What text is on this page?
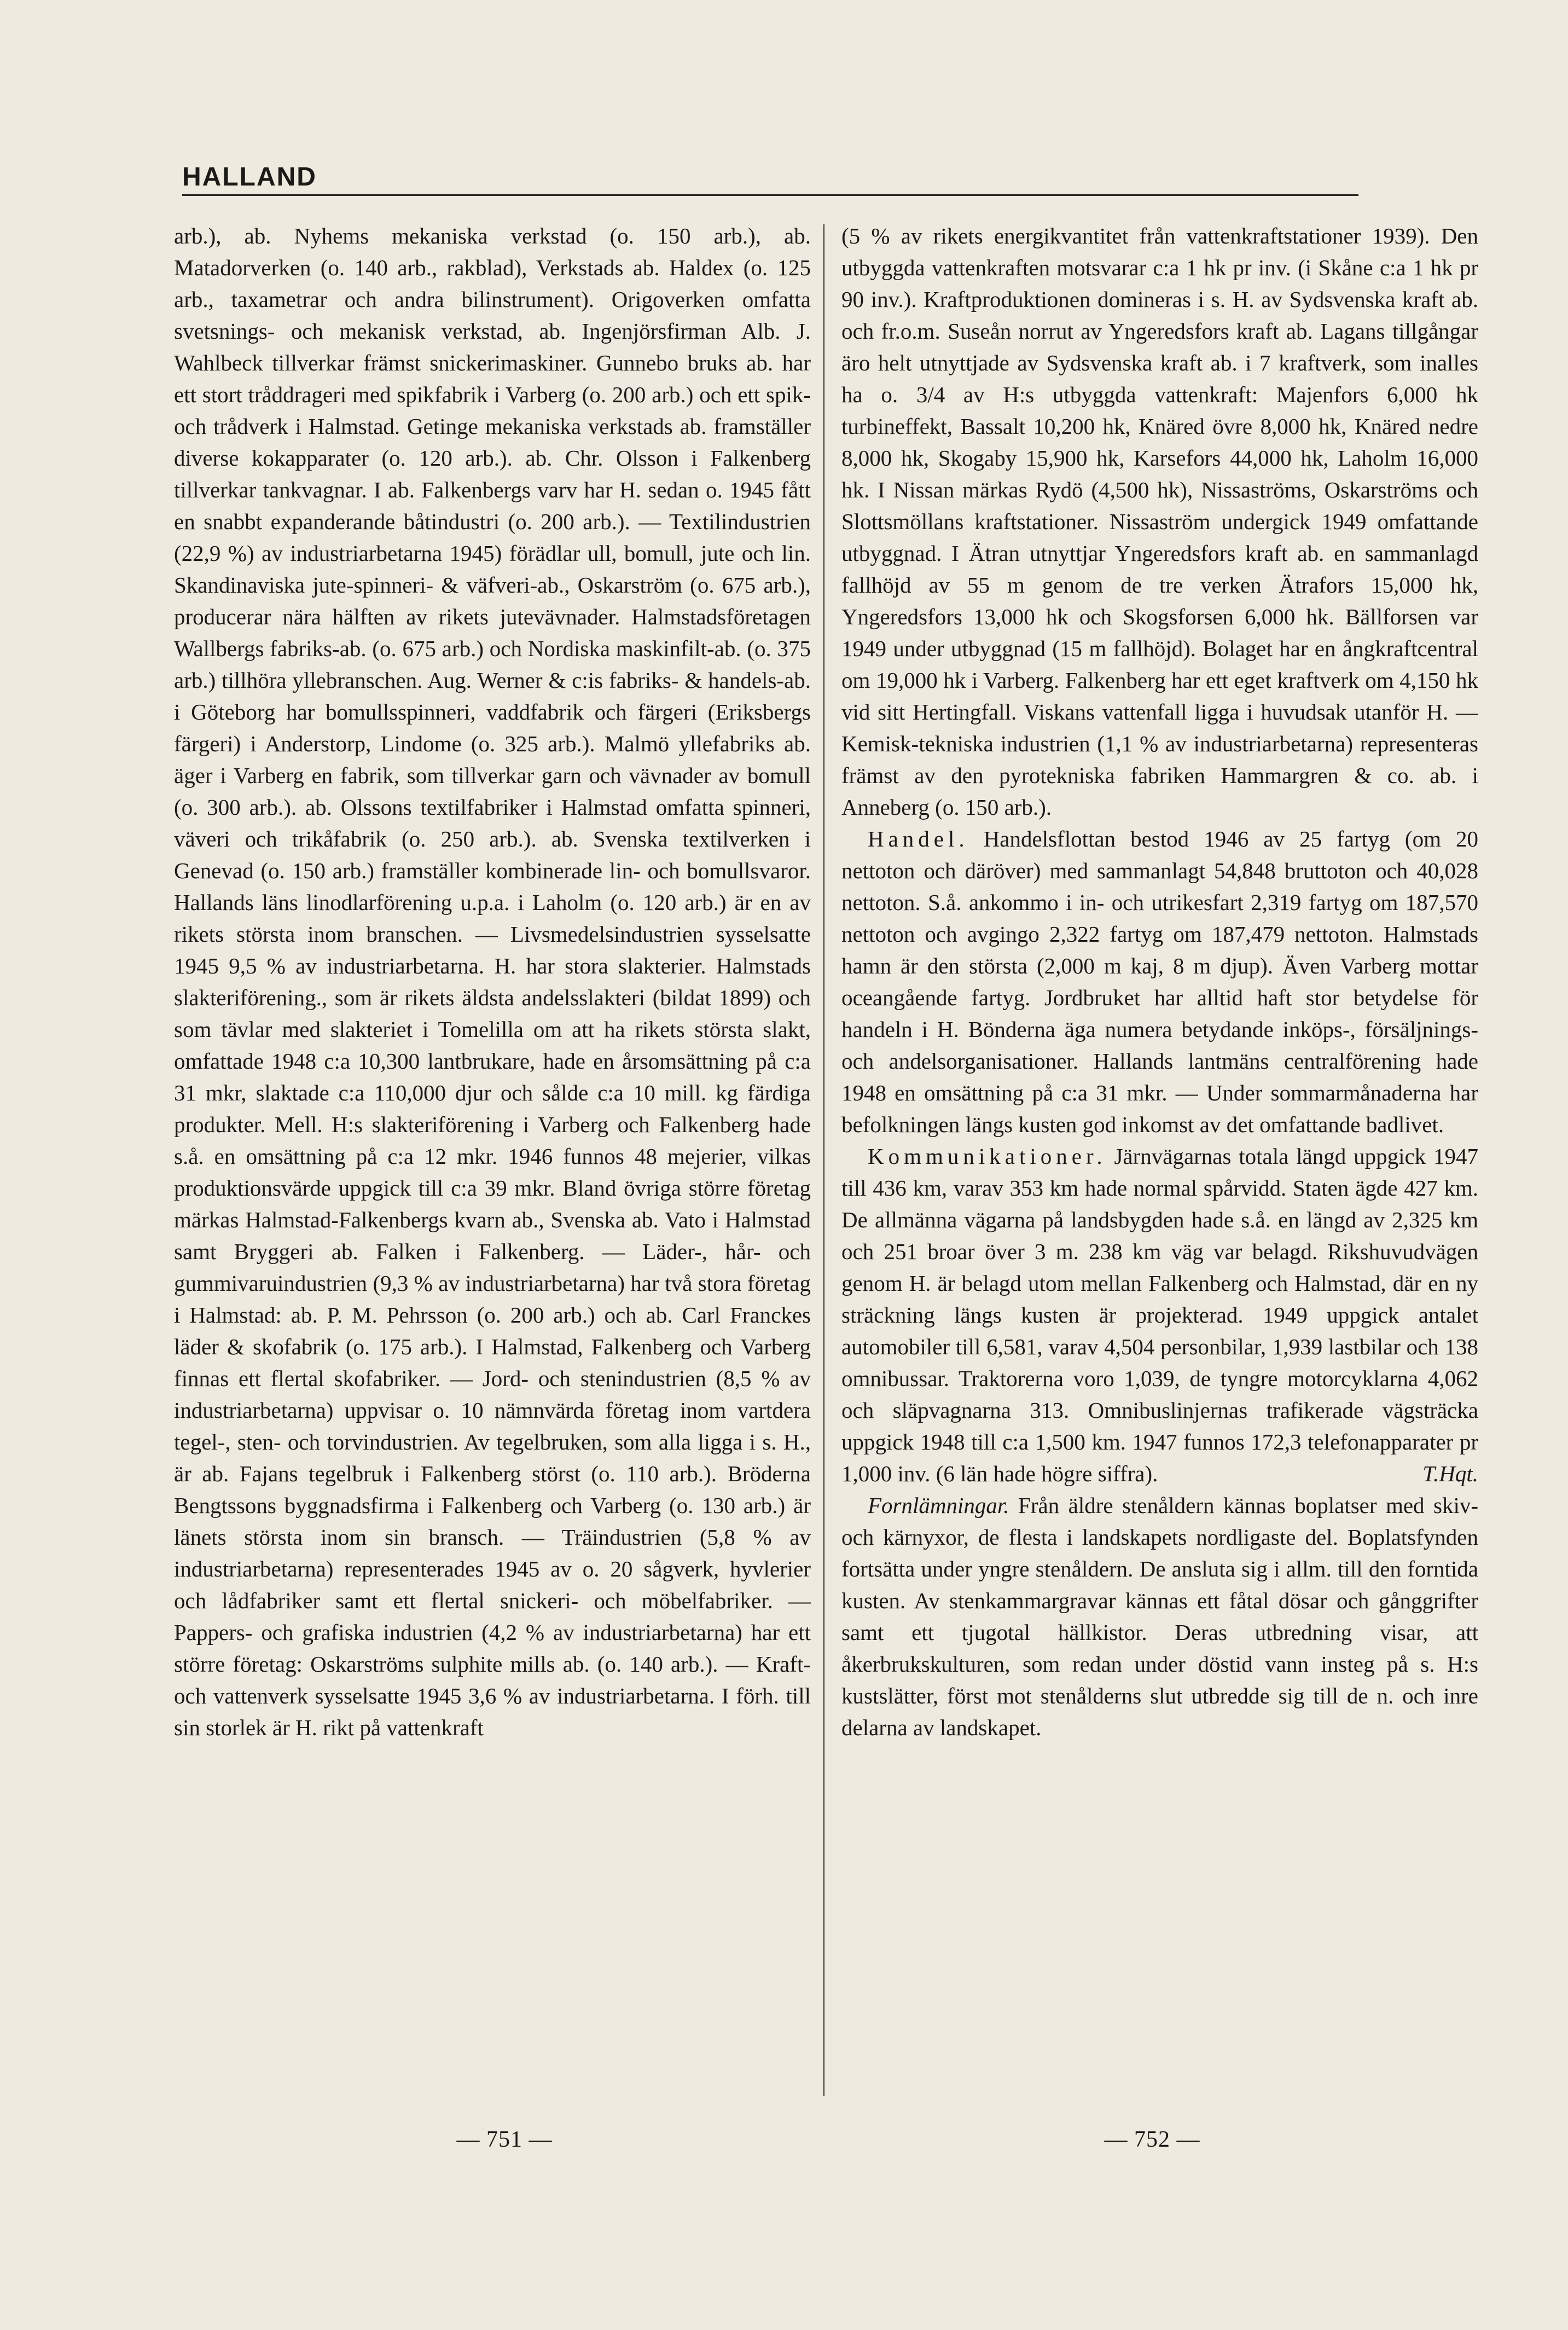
HALLAND

arb.), ab. Nyhems mekaniska verkstad (o. 150 arb.), ab. Matadorverken (o. 140 arb., rakblad), Verkstads ab. Haldex (o. 125 arb., taxametrar och andra bilinstrument). Origoverken omfatta svetsnings- och mekanisk verkstad, ab. Ingenjörsfirman Alb. J. Wahlbeck tillverkar främst snickerimaskiner. Gunnebo bruks ab. har ett stort tråddrageri med spikfabrik i Varberg (o. 200 arb.) och ett spik- och trådverk i Halmstad. Getinge mekaniska verkstads ab. framställer diverse kokapparater (o. 120 arb.). ab. Chr. Olsson i Falkenberg tillverkar tankvagnar. I ab. Falkenbergs varv har H. sedan o. 1945 fått en snabbt expanderande båtindustri (o. 200 arb.). — Textilindustrien (22,9 %) av industriarbetarna 1945) förädlar ull, bomull, jute och lin. Skandinaviska jute-spinneri- & väfveri-ab., Oskarström (o. 675 arb.), producerar nära hälften av rikets jutevävnader. Halmstadsföretagen Wallbergs fabriks-ab. (o. 675 arb.) och Nordiska maskinfilt-ab. (o. 375 arb.) tillhöra yllebranschen. Aug. Werner & c:is fabriks- & handels-ab. i Göteborg har bomullsspinneri, vaddfabrik och färgeri (Eriksbergs färgeri) i Anderstorp, Lindome (o. 325 arb.). Malmö yllefabriks ab. äger i Varberg en fabrik, som tillverkar garn och vävnader av bomull (o. 300 arb.). ab. Olssons textilfabriker i Halmstad omfatta spinneri, väveri och trikåfabrik (o. 250 arb.). ab. Svenska textilverken i Genevad (o. 150 arb.) framställer kombinerade lin- och bomullsvaror. Hallands läns linodlarförening u.p.a. i Laholm (o. 120 arb.) är en av rikets största inom branschen. — Livsmedelsindustrien sysselsatte 1945 9,5 % av industriarbetarna. H. har stora slakterier. Halmstads slakteriförening., som är rikets äldsta andelsslakteri (bildat 1899) och som tävlar med slakteriet i Tomelilla om att ha rikets största slakt, omfattade 1948 c:a 10,300 lantbrukare, hade en årsomsättning på c:a 31 mkr, slaktade c:a 110,000 djur och sålde c:a 10 mill. kg färdiga produkter. Mell. H:s slakteriförening i Varberg och Falkenberg hade s.å. en omsättning på c:a 12 mkr. 1946 funnos 48 mejerier, vilkas produktionsvärde uppgick till c:a 39 mkr. Bland övriga större företag märkas Halmstad-Falkenbergs kvarn ab., Svenska ab. Vato i Halmstad samt Bryggeri ab. Falken i Falkenberg. — Läder-, hår- och gummivaruindustrien (9,3 % av industriarbetarna) har två stora företag i Halmstad: ab. P. M. Pehrsson (o. 200 arb.) och ab. Carl Franckes läder & skofabrik (o. 175 arb.). I Halmstad, Falkenberg och Varberg finnas ett flertal skofabriker. — Jord- och stenindustrien (8,5 % av industriarbetarna) uppvisar o. 10 nämnvärda företag inom vartdera tegel-, sten- och torvindustrien. Av tegelbruken, som alla ligga i s. H., är ab. Fajans tegelbruk i Falkenberg störst (o. 110 arb.). Bröderna Bengtssons byggnadsfirma i Falkenberg och Varberg (o. 130 arb.) är länets största inom sin bransch. — Träindustrien (5,8 % av industriarbetarna) representerades 1945 av o. 20 sågverk, hyvlerier och lådfabriker samt ett flertal snickeri- och möbelfabriker. — Pappers- och grafiska industrien (4,2 % av industriarbetarna) har ett större företag: Oskarströms sulphite mills ab. (o. 140 arb.). — Kraft- och vattenverk sysselsatte 1945 3,6 % av industriarbetarna. I förh. till sin storlek är H. rikt på vattenkraft

(5 % av rikets energikvantitet från vattenkraftstationer 1939). Den utbyggda vattenkraften motsvarar c:a 1 hk pr inv. (i Skåne c:a 1 hk pr 90 inv.). Kraftproduktionen domineras i s. H. av Sydsvenska kraft ab. och fr.o.m. Suseån norrut av Yngeredsfors kraft ab. Lagans tillgångar äro helt utnyttjade av Sydsvenska kraft ab. i 7 kraftverk, som inalles ha o. 3/4 av H:s utbyggda vattenkraft: Majenfors 6,000 hk turbineffekt, Bassalt 10,200 hk, Knäred övre 8,000 hk, Knäred nedre 8,000 hk, Skogaby 15,900 hk, Karsefors 44,000 hk, Laholm 16,000 hk. I Nissan märkas Rydö (4,500 hk), Nissaströms, Oskarströms och Slottsmöllans kraftstationer. Nissaström undergick 1949 omfattande utbyggnad. I Ätran utnyttjar Yngeredsfors kraft ab. en sammanlagd fallhöjd av 55 m genom de tre verken Ätrafors 15,000 hk, Yngeredsfors 13,000 hk och Skogsforsen 6,000 hk. Bällforsen var 1949 under utbyggnad (15 m fallhöjd). Bolaget har en ångkraftcentral om 19,000 hk i Varberg. Falkenberg har ett eget kraftverk om 4,150 hk vid sitt Hertingfall. Viskans vattenfall ligga i huvudsak utanför H. — Kemisk-tekniska industrien (1,1 % av industriarbetarna) representeras främst av den pyrotekniska fabriken Hammargren & co. ab. i Anneberg (o. 150 arb.).

Handel. Handelsflottan bestod 1946 av 25 fartyg (om 20 nettoton och däröver) med sammanlagt 54,848 bruttoton och 40,028 nettoton. S.å. ankommo i in- och utrikesfart 2,319 fartyg om 187,570 nettoton och avgingo 2,322 fartyg om 187,479 nettoton. Halmstads hamn är den största (2,000 m kaj, 8 m djup). Även Varberg mottar oceangående fartyg. Jordbruket har alltid haft stor betydelse för handeln i H. Bönderna äga numera betydande inköps-, försäljnings- och andelsorganisationer. Hallands lantmäns centralförening hade 1948 en omsättning på c:a 31 mkr. — Under sommarmånaderna har befolkningen längs kusten god inkomst av det omfattande badlivet.

Kommunikationer. Järnvägarnas totala längd uppgick 1947 till 436 km, varav 353 km hade normal spårvidd. Staten ägde 427 km. De allmänna vägarna på landsbygden hade s.å. en längd av 2,325 km och 251 broar över 3 m. 238 km väg var belagd. Rikshuvudvägen genom H. är belagd utom mellan Falkenberg och Halmstad, där en ny sträckning längs kusten är projekterad. 1949 uppgick antalet automobiler till 6,581, varav 4,504 personbilar, 1,939 lastbilar och 138 omnibussar. Traktorerna voro 1,039, de tyngre motorcyklarna 4,062 och släpvagnarna 313. Omnibuslinjernas trafikerade vägsträcka uppgick 1948 till c:a 1,500 km. 1947 funnos 172,3 telefonapparater pr 1,000 inv. (6 län hade högre siffra).	T.Hqt.

Fornlämningar. Från äldre stenåldern kännas boplatser med skiv- och kärnyxor, de flesta i landskapets nordligaste del. Boplatsfynden fortsätta under yngre stenåldern. De ansluta sig i allm. till den forntida kusten. Av stenkammargravar kännas ett fåtal dösar och gånggrifter samt ett tjugotal hällkistor. Deras utbredning visar, att åkerbrukskulturen, som redan under döstid vann insteg på s. H:s kustslätter, först mot stenålderns slut utbredde sig till de n. och inre delarna av landskapet.

— 751 —	— 752 —
